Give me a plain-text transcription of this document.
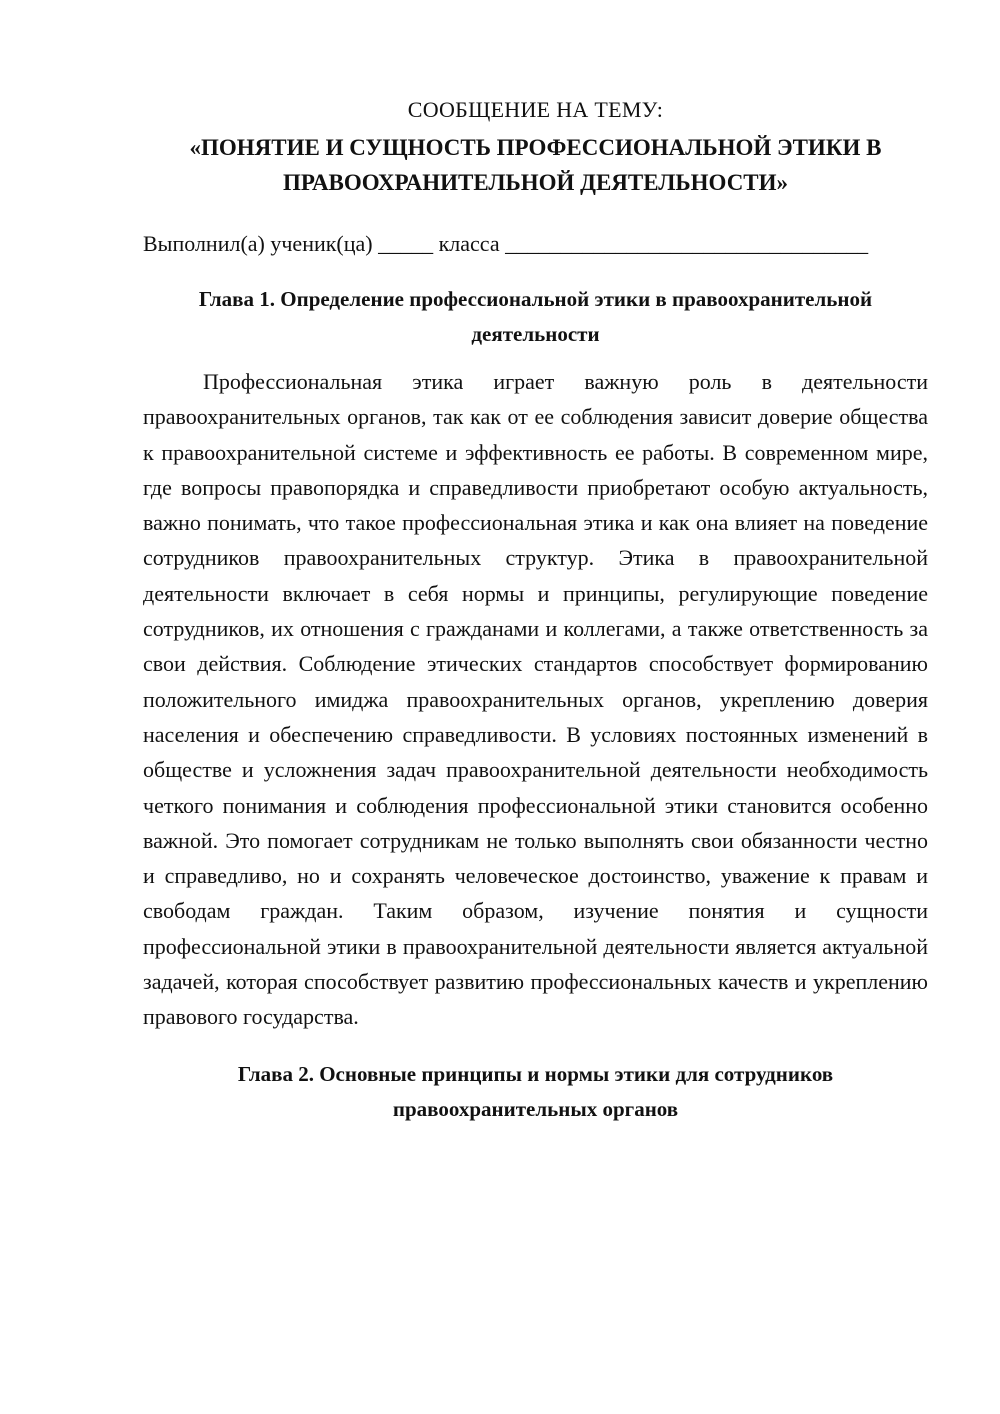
СООБЩЕНИЕ НА ТЕМУ:

«ПОНЯТИЕ И СУЩНОСТЬ ПРОФЕССИОНАЛЬНОЙ ЭТИКИ В ПРАВООХРАНИТЕЛЬНОЙ ДЕЯТЕЛЬНОСТИ»

Выполнил(а) ученик(ца) _____ класса _________________________________

Глава 1. Определение профессиональной этики в правоохранительной деятельности

Профессиональная этика играет важную роль в деятельности правоохранительных органов, так как от ее соблюдения зависит доверие общества к правоохранительной системе и эффективность ее работы. В современном мире, где вопросы правопорядка и справедливости приобретают особую актуальность, важно понимать, что такое профессиональная этика и как она влияет на поведение сотрудников правоохранительных структур. Этика в правоохранительной деятельности включает в себя нормы и принципы, регулирующие поведение сотрудников, их отношения с гражданами и коллегами, а также ответственность за свои действия. Соблюдение этических стандартов способствует формированию положительного имиджа правоохранительных органов, укреплению доверия населения и обеспечению справедливости. В условиях постоянных изменений в обществе и усложнения задач правоохранительной деятельности необходимость четкого понимания и соблюдения профессиональной этики становится особенно важной. Это помогает сотрудникам не только выполнять свои обязанности честно и справедливо, но и сохранять человеческое достоинство, уважение к правам и свободам граждан. Таким образом, изучение понятия и сущности профессиональной этики в правоохранительной деятельности является актуальной задачей, которая способствует развитию профессиональных качеств и укреплению правового государства.

Глава 2. Основные принципы и нормы этики для сотрудников правоохранительных органов
